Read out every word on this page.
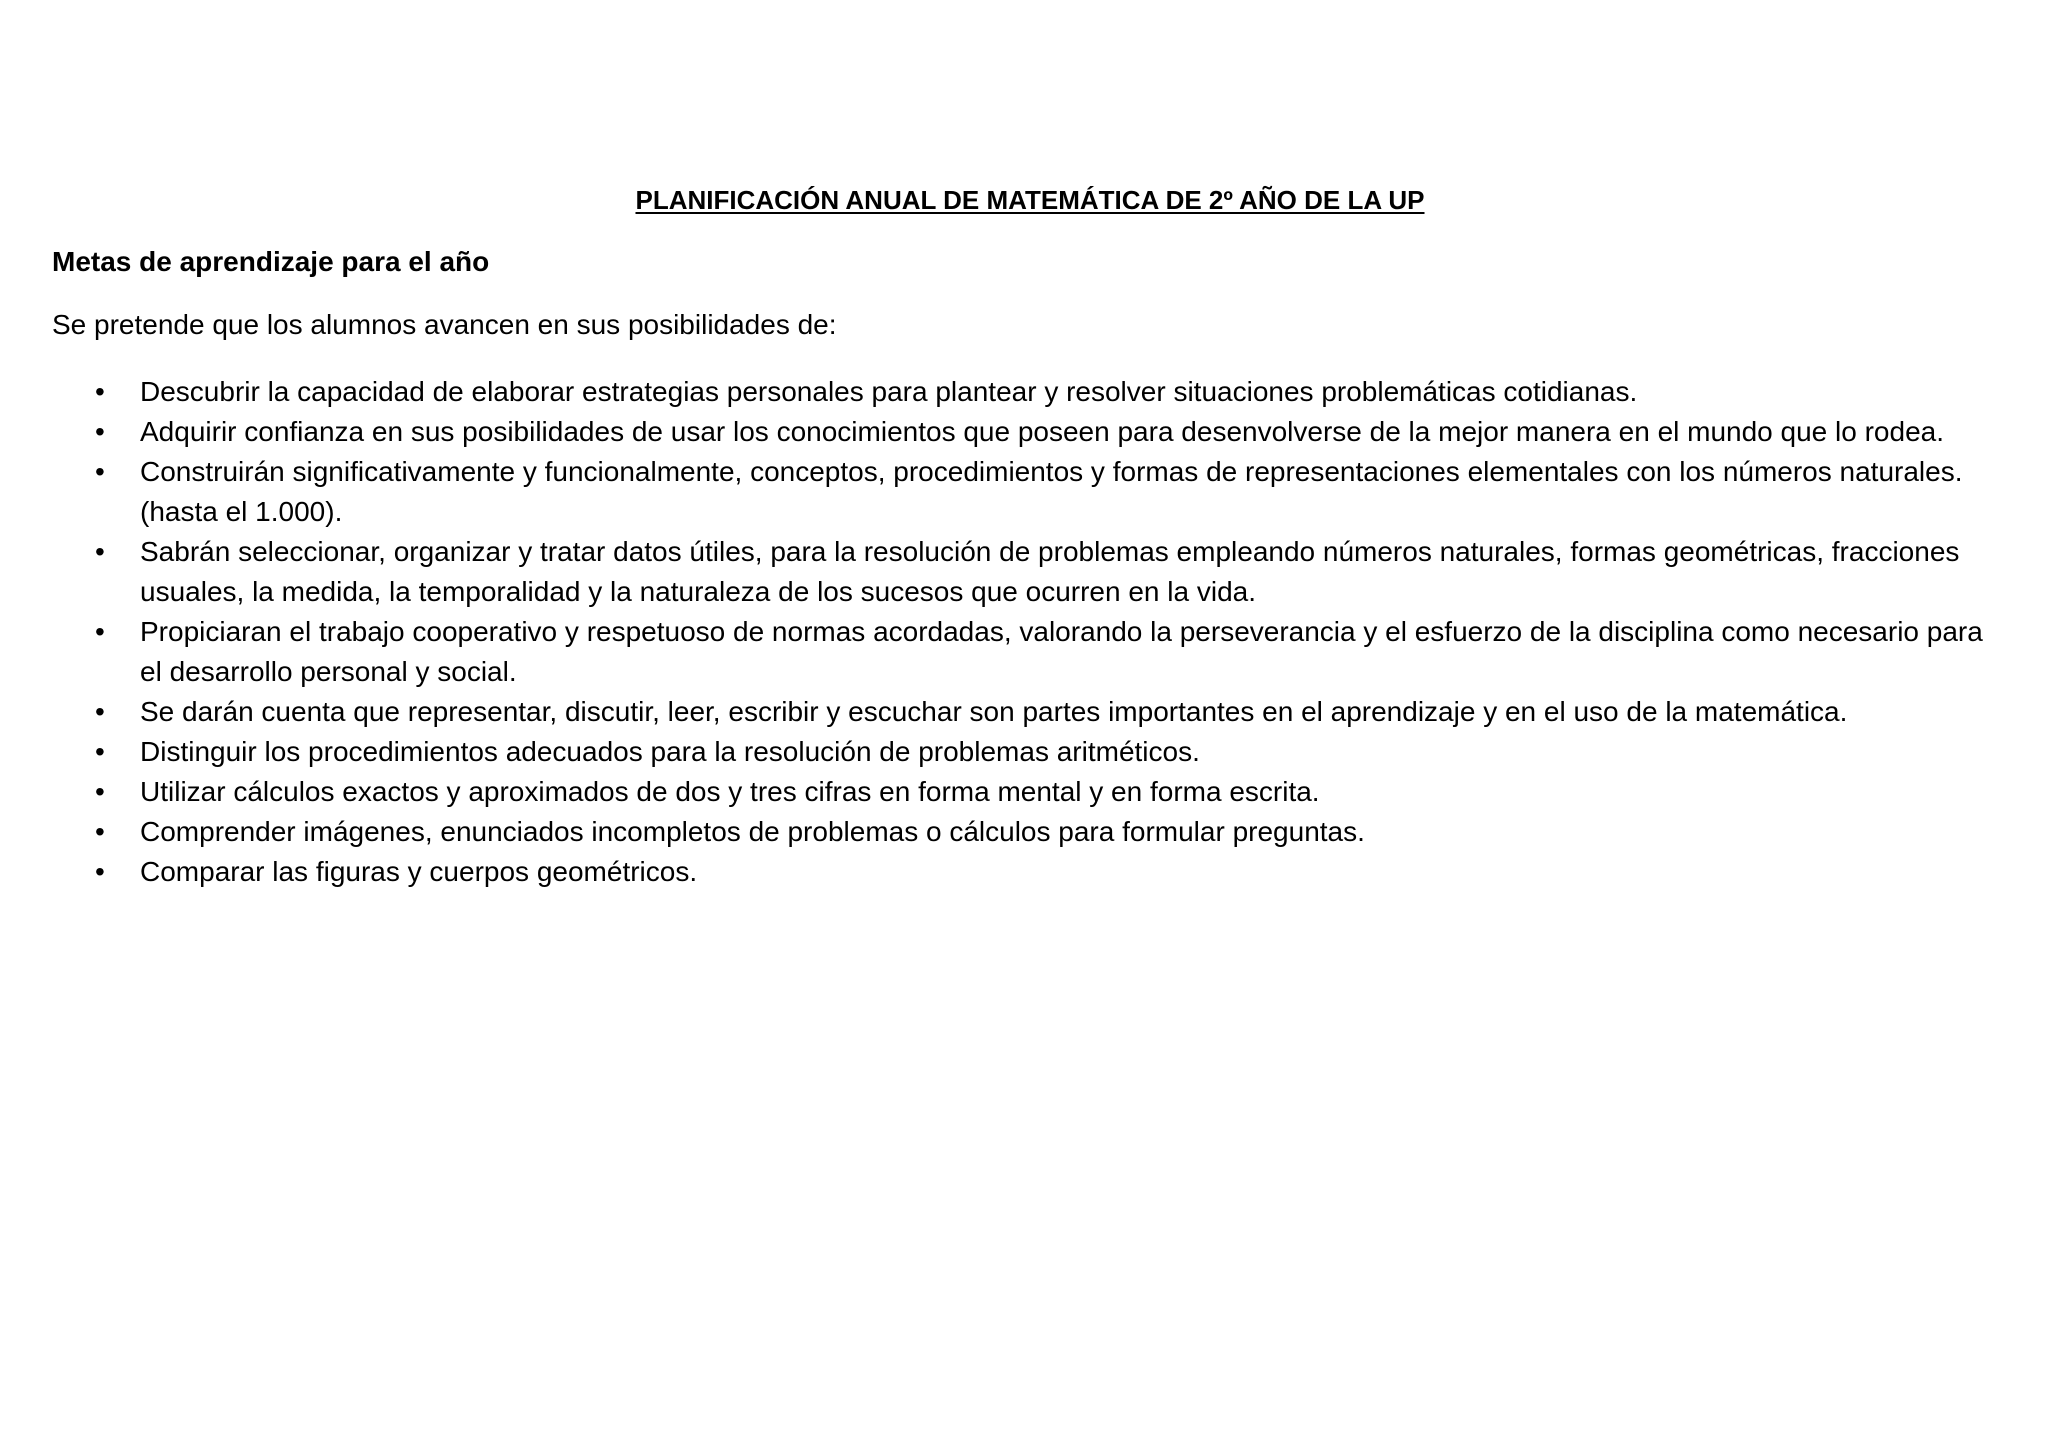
PLANIFICACIÓN ANUAL DE MATEMÁTICA DE 2º AÑO DE LA UP
Metas de aprendizaje para el año

Se pretende que los alumnos avancen en sus posibilidades de:

•	Descubrir la capacidad de elaborar estrategias personales para plantear y resolver situaciones problemáticas cotidianas.
•	Adquirir confianza en sus posibilidades de usar los conocimientos que poseen para desenvolverse de la mejor manera en el mundo que lo rodea.
•	Construirán significativamente y funcionalmente, conceptos, procedimientos y formas de representaciones elementales con los números naturales. (hasta el 1.000).
•	Sabrán seleccionar, organizar y tratar datos útiles, para la resolución de problemas empleando números naturales, formas geométricas, fracciones usuales, la medida, la temporalidad y la naturaleza de los sucesos que ocurren en la vida.
•	Propiciaran el trabajo cooperativo y respetuoso de normas acordadas, valorando la perseverancia y el esfuerzo de la disciplina como necesario para el desarrollo personal y social.
•	Se darán cuenta que representar, discutir, leer, escribir y escuchar son partes importantes en el aprendizaje y en el uso de la matemática.
•	Distinguir los procedimientos adecuados para la resolución de problemas aritméticos.
•	Utilizar cálculos exactos y aproximados de dos y tres cifras en forma mental y en forma escrita.
•	Comprender imágenes, enunciados incompletos de problemas o cálculos para formular preguntas.
•	Comparar las figuras y cuerpos geométricos.
